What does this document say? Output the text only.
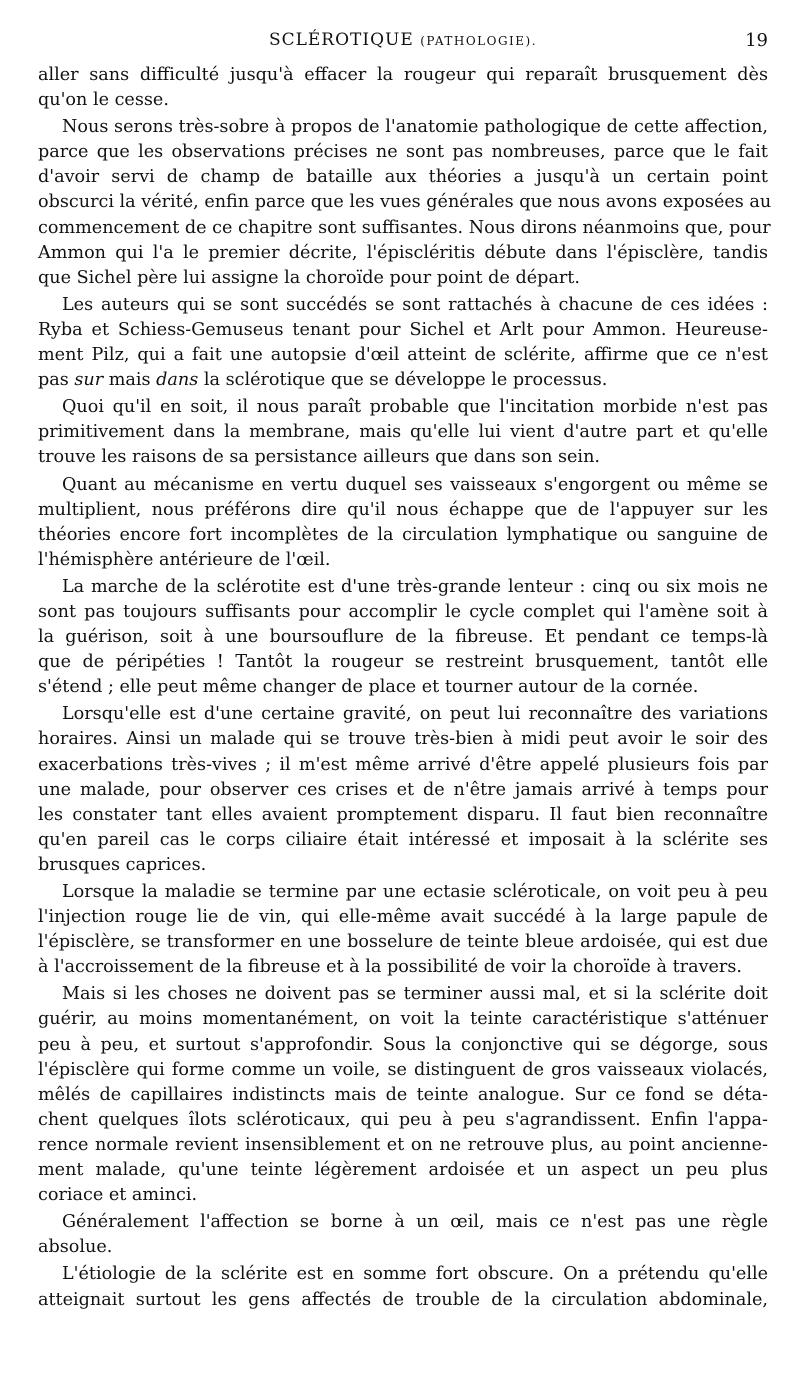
SCLÉROTIQUE (PATHOLOGIE).	19
aller sans difficulté jusqu'à effacer la rougeur qui reparaît brusquement dès
qu'on le cesse.
Nous serons très-sobre à propos de l'anatomie pathologique de cette affection,
parce que les observations précises ne sont pas nombreuses, parce que le fait
d'avoir servi de champ de bataille aux théories a jusqu'à un certain point
obscurci la vérité, enfin parce que les vues générales que nous avons exposées au
commencement de ce chapitre sont suffisantes. Nous dirons néanmoins que, pour
Ammon qui l'a le premier décrite, l'épiscléritis débute dans l'épisclère, tandis
que Sichel père lui assigne la choroïde pour point de départ.
Les auteurs qui se sont succédés se sont rattachés à chacune de ces idées :
Ryba et Schiess-Gemuseus tenant pour Sichel et Arlt pour Ammon. Heureuse-
ment Pilz, qui a fait une autopsie d'œil atteint de sclérite, affirme que ce n'est
pas sur mais dans la sclérotique que se développe le processus.
Quoi qu'il en soit, il nous paraît probable que l'incitation morbide n'est pas
primitivement dans la membrane, mais qu'elle lui vient d'autre part et qu'elle
trouve les raisons de sa persistance ailleurs que dans son sein.
Quant au mécanisme en vertu duquel ses vaisseaux s'engorgent ou même se
multiplient, nous préférons dire qu'il nous échappe que de l'appuyer sur les
théories encore fort incomplètes de la circulation lymphatique ou sanguine de
l'hémisphère antérieure de l'œil.
La marche de la sclérotite est d'une très-grande lenteur : cinq ou six mois ne
sont pas toujours suffisants pour accomplir le cycle complet qui l'amène soit à
la guérison, soit à une boursouflure de la fibreuse. Et pendant ce temps-là
que de péripéties ! Tantôt la rougeur se restreint brusquement, tantôt elle
s'étend ; elle peut même changer de place et tourner autour de la cornée.
Lorsqu'elle est d'une certaine gravité, on peut lui reconnaître des variations
horaires. Ainsi un malade qui se trouve très-bien à midi peut avoir le soir des
exacerbations très-vives ; il m'est même arrivé d'être appelé plusieurs fois par
une malade, pour observer ces crises et de n'être jamais arrivé à temps pour
les constater tant elles avaient promptement disparu. Il faut bien reconnaître
qu'en pareil cas le corps ciliaire était intéressé et imposait à la sclérite ses
brusques caprices.
Lorsque la maladie se termine par une ectasie scléroticale, on voit peu à peu
l'injection rouge lie de vin, qui elle-même avait succédé à la large papule de
l'épisclère, se transformer en une bosselure de teinte bleue ardoisée, qui est due
à l'accroissement de la fibreuse et à la possibilité de voir la choroïde à travers.
Mais si les choses ne doivent pas se terminer aussi mal, et si la sclérite doit
guérir, au moins momentanément, on voit la teinte caractéristique s'atténuer
peu à peu, et surtout s'approfondir. Sous la conjonctive qui se dégorge, sous
l'épisclère qui forme comme un voile, se distinguent de gros vaisseaux violacés,
mêlés de capillaires indistincts mais de teinte analogue. Sur ce fond se déta-
chent quelques îlots scléroticaux, qui peu à peu s'agrandissent. Enfin l'appa-
rence normale revient insensiblement et on ne retrouve plus, au point ancienne-
ment malade, qu'une teinte légèrement ardoisée et un aspect un peu plus
coriace et aminci.
Généralement l'affection se borne à un œil, mais ce n'est pas une règle
absolue.
L'étiologie de la sclérite est en somme fort obscure. On a prétendu qu'elle
atteignait surtout les gens affectés de trouble de la circulation abdominale,
